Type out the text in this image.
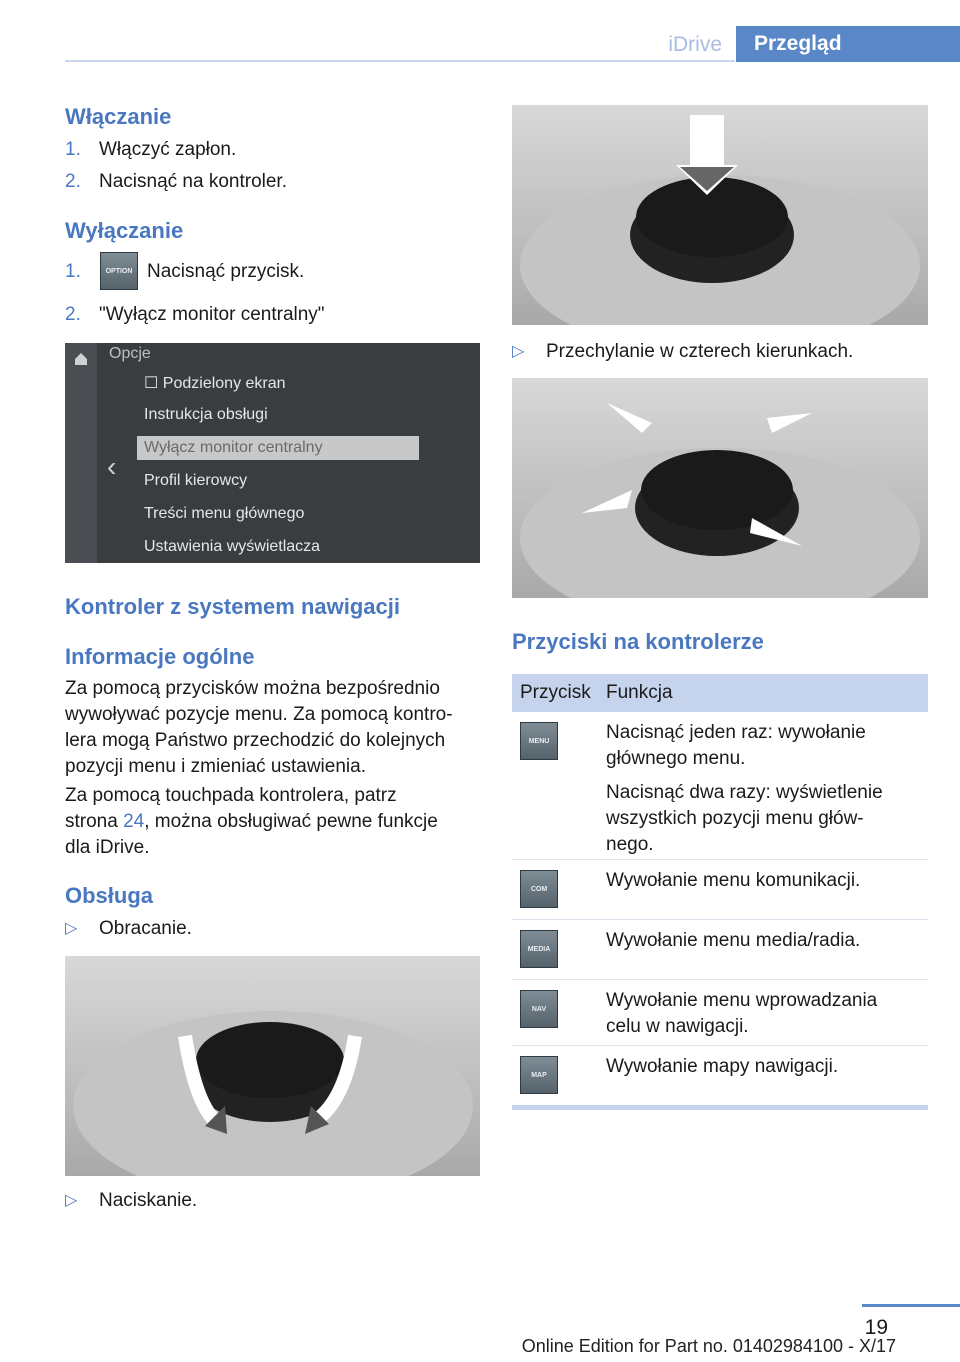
iDrive	Przegląd
Włączanie
1. Włączyć zapłon.
2. Nacisnąć na kontroler.
Wyłączanie
1.	OPTION Nacisnąć przycisk.
2. "Wyłącz monitor centralny"
Opcje
‹
☐ Podzielony ekran
Instrukcja obsługi
Wyłącz monitor centralny
Profil kierowcy
Treści menu głównego
Ustawienia wyświetlacza
Kontroler z systemem nawigacji
Informacje ogólne
Za pomocą przycisków można bezpośrednio
wywoływać pozycje menu. Za pomocą kontro‐
lera mogą Państwo przechodzić do kolejnych
pozycji menu i zmieniać ustawienia.
Za pomocą touchpada kontrolera, patrz
strona 24, można obsługiwać pewne funkcje
dla iDrive.
Obsługa
▷ Obracanie.
▷ Naciskanie.
▷ Przechylanie w czterech kierunkach.
Przyciski na kontrolerze
Przycisk Funkcja
MENU	Nacisnąć jeden raz: wywołanie
głównego menu.
Nacisnąć dwa razy: wyświetlenie
wszystkich pozycji menu głów‐
nego.
COM	Wywołanie menu komunikacji.
MEDIA	Wywołanie menu media/radia.
NAV	Wywołanie menu wprowadzania
celu w nawigacji.
MAP	Wywołanie mapy nawigacji.
19
Online Edition for Part no. 01402984100 - X/17
